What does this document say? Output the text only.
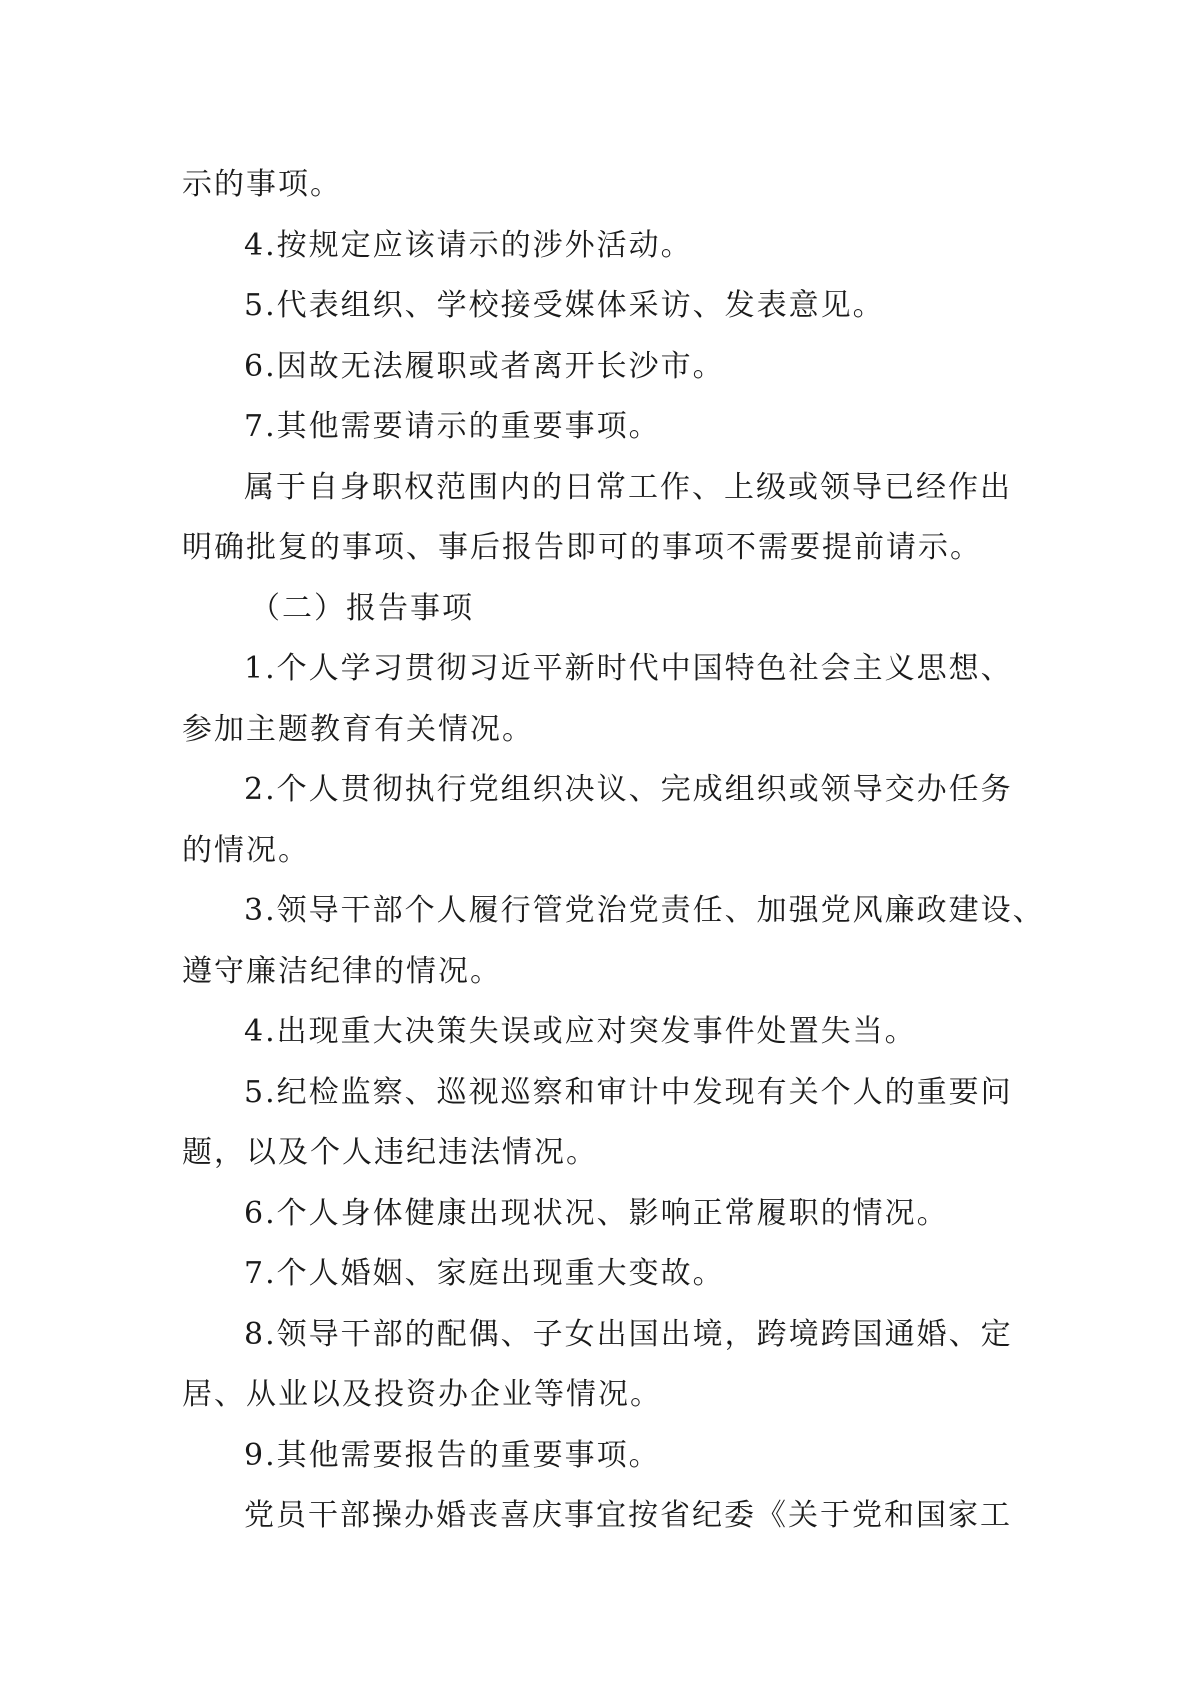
示的事项。
4.按规定应该请示的涉外活动。
5.代表组织、学校接受媒体采访、发表意见。
6.因故无法履职或者离开长沙市。
7.其他需要请示的重要事项。
属于自身职权范围内的日常工作、上级或领导已经作出
明确批复的事项、事后报告即可的事项不需要提前请示。
（二）报告事项
1.个人学习贯彻习近平新时代中国特色社会主义思想、
参加主题教育有关情况。
2.个人贯彻执行党组织决议、完成组织或领导交办任务
的情况。
3.领导干部个人履行管党治党责任、加强党风廉政建设、
遵守廉洁纪律的情况。
4.出现重大决策失误或应对突发事件处置失当。
5.纪检监察、巡视巡察和审计中发现有关个人的重要问
题，以及个人违纪违法情况。
6.个人身体健康出现状况、影响正常履职的情况。
7.个人婚姻、家庭出现重大变故。
8.领导干部的配偶、子女出国出境，跨境跨国通婚、定
居、从业以及投资办企业等情况。
9.其他需要报告的重要事项。
党员干部操办婚丧喜庆事宜按省纪委《关于党和国家工
